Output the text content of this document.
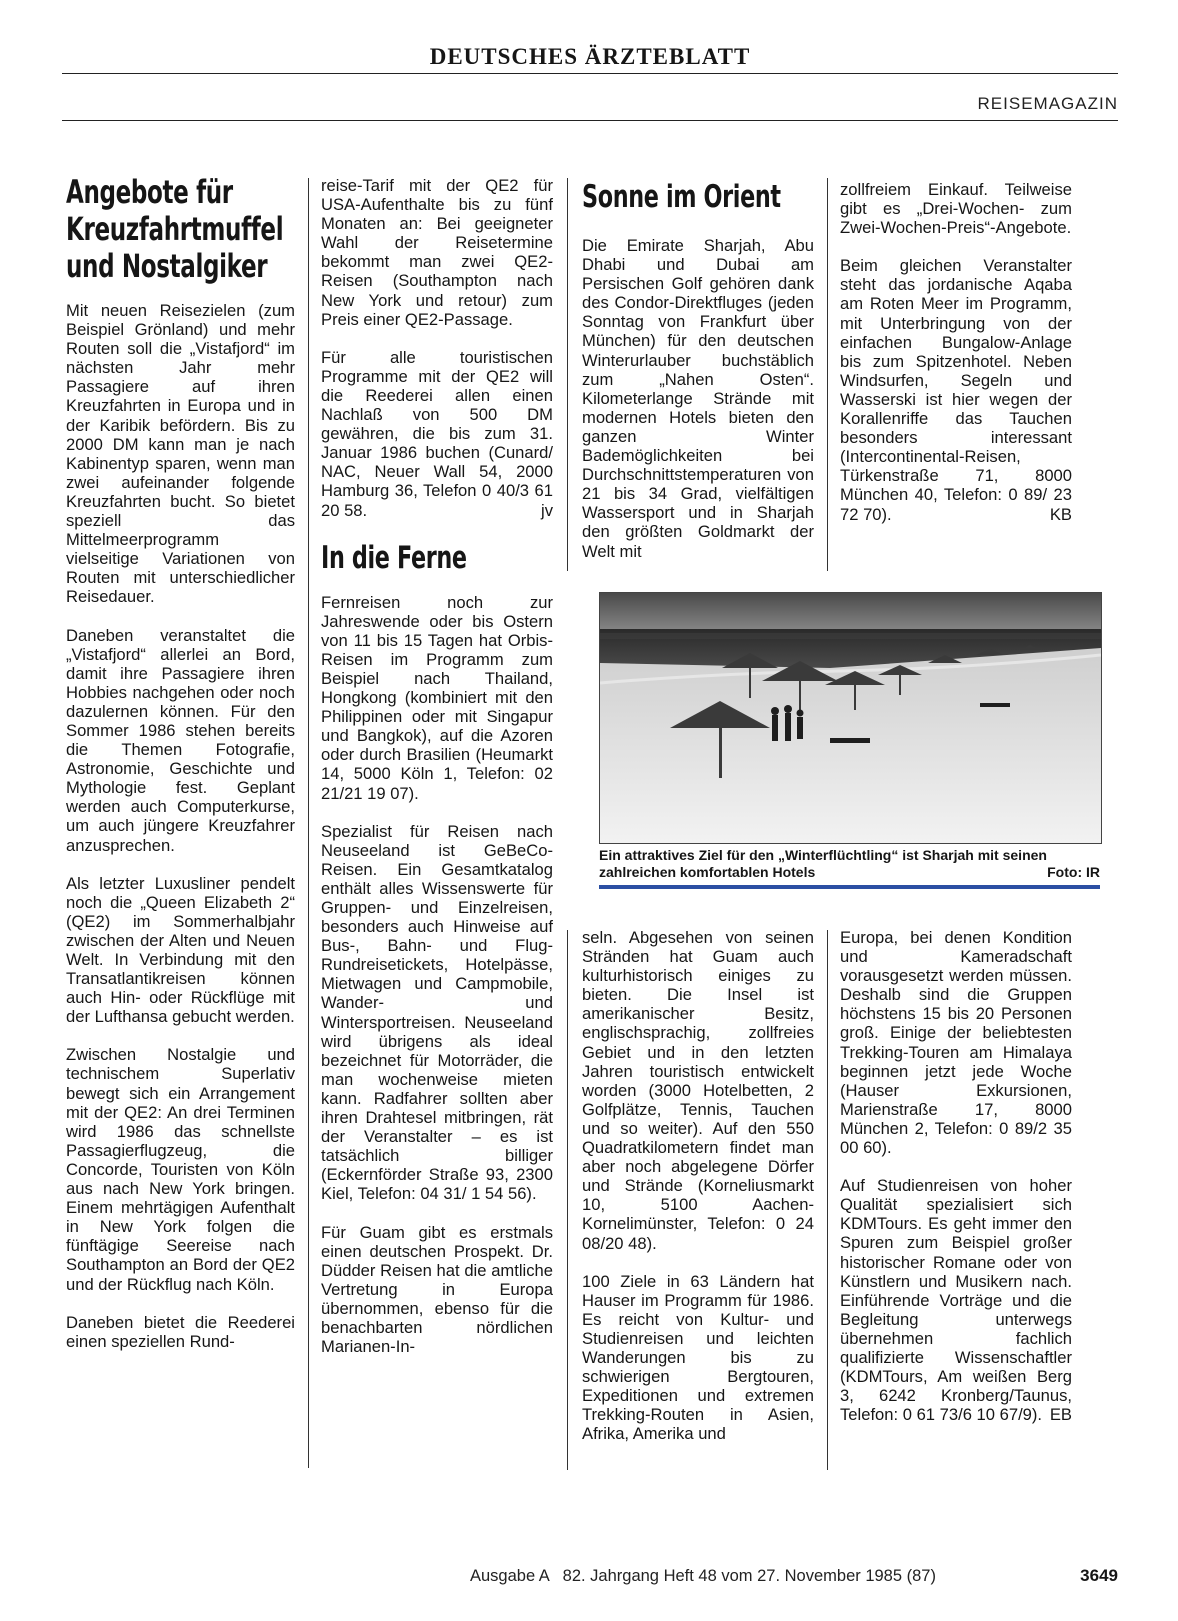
DEUTSCHES ÄRZTEBLATT
REISEMAGAZIN
Angebote für Kreuzfahrtmuffel und Nostalgiker

Mit neuen Reisezielen (zum Beispiel Grönland) und mehr Routen soll die „Vistafjord“ im nächsten Jahr mehr Passagiere auf ihren Kreuzfahrten in Europa und in der Karibik befördern. Bis zu 2000 DM kann man je nach Kabinentyp sparen, wenn man zwei aufeinander folgende Kreuzfahrten bucht. So bietet speziell das Mittelmeerprogramm vielseitige Variationen von Routen mit unterschiedlicher Reisedauer.

Daneben veranstaltet die „Vistafjord“ allerlei an Bord, damit ihre Passagiere ihren Hobbies nachgehen oder noch dazulernen können. Für den Sommer 1986 stehen bereits die Themen Fotografie, Astronomie, Geschichte und Mythologie fest. Geplant werden auch Computerkurse, um auch jüngere Kreuzfahrer anzusprechen.

Als letzter Luxusliner pendelt noch die „Queen Elizabeth 2“ (QE2) im Sommerhalbjahr zwischen der Alten und Neuen Welt. In Verbindung mit den Transatlantikreisen können auch Hin- oder Rückflüge mit der Lufthansa gebucht werden.

Zwischen Nostalgie und technischem Superlativ bewegt sich ein Arrangement mit der QE2: An drei Terminen wird 1986 das schnellste Passagierflugzeug, die Concorde, Touristen von Köln aus nach New York bringen. Einem mehrtägigen Aufenthalt in New York folgen die fünftägige Seereise nach Southampton an Bord der QE2 und der Rückflug nach Köln.

Daneben bietet die Reederei einen speziellen Rund-

reise-Tarif mit der QE2 für USA-Aufenthalte bis zu fünf Monaten an: Bei geeigneter Wahl der Reisetermine bekommt man zwei QE2-Reisen (Southampton nach New York und retour) zum Preis einer QE2-Passage.

Für alle touristischen Programme mit der QE2 will die Reederei allen einen Nachlaß von 500 DM gewähren, die bis zum 31. Januar 1986 buchen (Cunard/ NAC, Neuer Wall 54, 2000 Hamburg 36, Telefon 0 40/3 61 20 58.	jv

In die Ferne

Fernreisen noch zur Jahreswende oder bis Ostern von 11 bis 15 Tagen hat Orbis-Reisen im Programm zum Beispiel nach Thailand, Hongkong (kombiniert mit den Philippinen oder mit Singapur und Bangkok), auf die Azoren oder durch Brasilien (Heumarkt 14, 5000 Köln 1, Telefon: 02 21/21 19 07).

Spezialist für Reisen nach Neuseeland ist GeBeCo-Reisen. Ein Gesamtkatalog enthält alles Wissenswerte für Gruppen- und Einzelreisen, besonders auch Hinweise auf Bus-, Bahn- und Flug-Rundreisetickets, Hotelpässe, Mietwagen und Campmobile, Wander- und Wintersportreisen. Neuseeland wird übrigens als ideal bezeichnet für Motorräder, die man wochenweise mieten kann. Radfahrer sollten aber ihren Drahtesel mitbringen, rät der Veranstalter – es ist tatsächlich billiger (Eckernförder Straße 93, 2300 Kiel, Telefon: 04 31/ 1 54 56).

Für Guam gibt es erstmals einen deutschen Prospekt. Dr. Düdder Reisen hat die amtliche Vertretung in Europa übernommen, ebenso für die benachbarten nördlichen Marianen-In-

Sonne im Orient

Die Emirate Sharjah, Abu Dhabi und Dubai am Persischen Golf gehören dank des Condor-Direktfluges (jeden Sonntag von Frankfurt über München) für den deutschen Winterurlauber buchstäblich zum „Nahen Osten“. Kilometerlange Strände mit modernen Hotels bieten den ganzen Winter Bademöglichkeiten bei Durchschnittstemperaturen von 21 bis 34 Grad, vielfältigen Wassersport und in Sharjah den größten Goldmarkt der Welt mit

zollfreiem Einkauf. Teilweise gibt es „Drei-Wochen- zum Zwei-Wochen-Preis“-Angebote.

Beim gleichen Veranstalter steht das jordanische Aqaba am Roten Meer im Programm, mit Unterbringung von der einfachen Bungalow-Anlage bis zum Spitzenhotel. Neben Windsurfen, Segeln und Wasserski ist hier wegen der Korallenriffe das Tauchen besonders interessant (Intercontinental-Reisen, Türkenstraße 71, 8000 München 40, Telefon: 0 89/ 23 72 70).	KB

Ein attraktives Ziel für den „Winterflüchtling“ ist Sharjah mit seinen zahlreichen komfortablen Hotels	Foto: IR

seln. Abgesehen von seinen Stränden hat Guam auch kulturhistorisch einiges zu bieten. Die Insel ist amerikanischer Besitz, englischsprachig, zollfreies Gebiet und in den letzten Jahren touristisch entwickelt worden (3000 Hotelbetten, 2 Golfplätze, Tennis, Tauchen und so weiter). Auf den 550 Quadratkilometern findet man aber noch abgelegene Dörfer und Strände (Korneliusmarkt 10, 5100 Aachen-Kornelimünster, Telefon: 0 24 08/20 48).

100 Ziele in 63 Ländern hat Hauser im Programm für 1986. Es reicht von Kultur- und Studienreisen und leichten Wanderungen bis zu schwierigen Bergtouren, Expeditionen und extremen Trekking-Routen in Asien, Afrika, Amerika und

Europa, bei denen Kondition und Kameradschaft vorausgesetzt werden müssen. Deshalb sind die Gruppen höchstens 15 bis 20 Personen groß. Einige der beliebtesten Trekking-Touren am Himalaya beginnen jetzt jede Woche (Hauser Exkursionen, Marienstraße 17, 8000 München 2, Telefon: 0 89/2 35 00 60).

Auf Studienreisen von hoher Qualität spezialisiert sich KDMTours. Es geht immer den Spuren zum Beispiel großer historischer Romane oder von Künstlern und Musikern nach. Einführende Vorträge und die Begleitung unterwegs übernehmen fachlich qualifizierte Wissenschaftler (KDMTours, Am weißen Berg 3, 6242 Kronberg/Taunus, Telefon: 0 61 73/6 10 67/9). EB

Ausgabe A   82. Jahrgang Heft 48 vom 27. November 1985 (87)	3649
